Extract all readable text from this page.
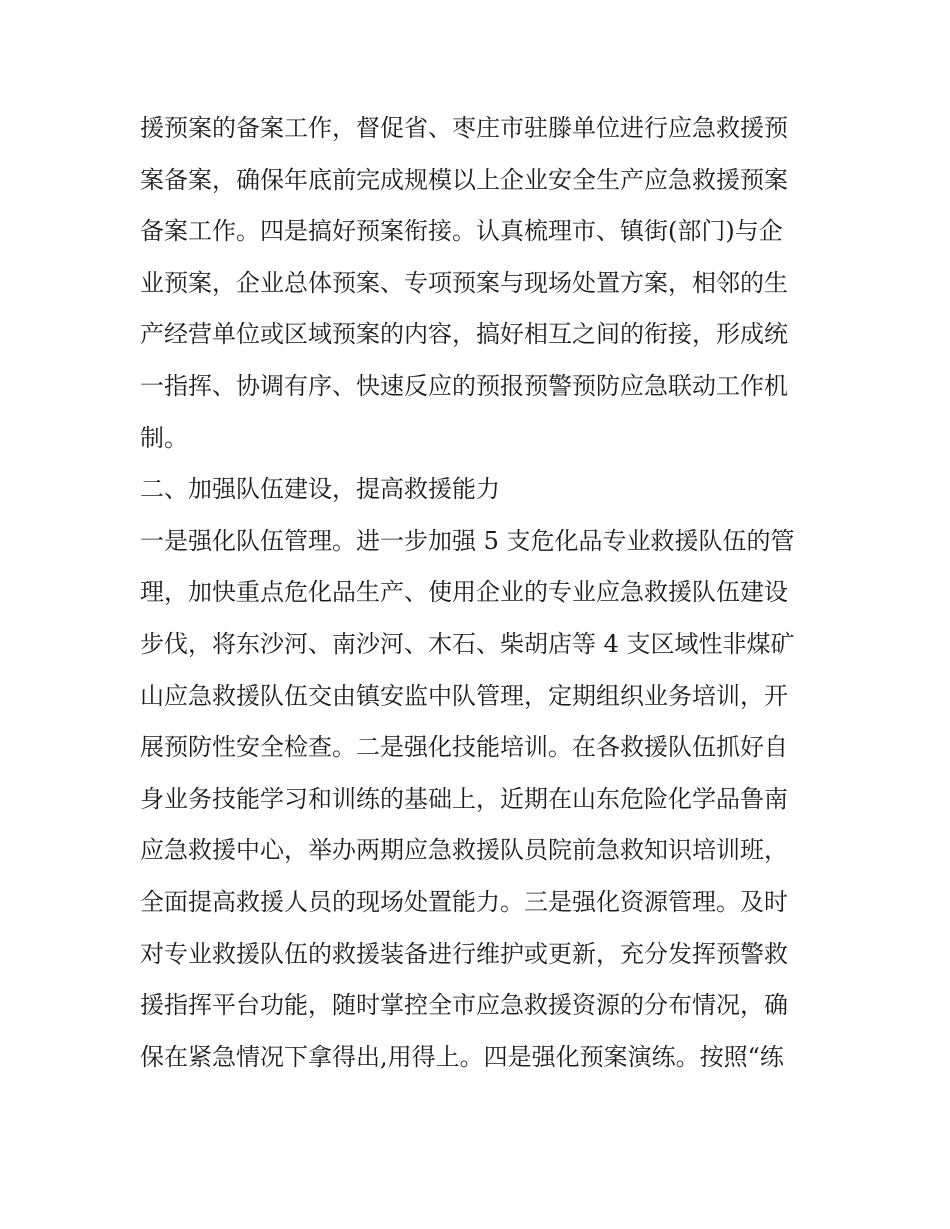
援预案的备案工作，督促省、枣庄市驻滕单位进行应急救援预
案备案，确保年底前完成规模以上企业安全生产应急救援预案
备案工作。四是搞好预案衔接。认真梳理市、镇街(部门)与企
业预案，企业总体预案、专项预案与现场处置方案，相邻的生
产经营单位或区域预案的内容，搞好相互之间的衔接，形成统
一指挥、协调有序、快速反应的预报预警预防应急联动工作机
制。
二、加强队伍建设，提高救援能力
一是强化队伍管理。进一步加强 5 支危化品专业救援队伍的管
理，加快重点危化品生产、使用企业的专业应急救援队伍建设
步伐，将东沙河、南沙河、木石、柴胡店等 4 支区域性非煤矿
山应急救援队伍交由镇安监中队管理，定期组织业务培训，开
展预防性安全检查。二是强化技能培训。在各救援队伍抓好自
身业务技能学习和训练的基础上，近期在山东危险化学品鲁南
应急救援中心，举办两期应急救援队员院前急救知识培训班，
全面提高救援人员的现场处置能力。三是强化资源管理。及时
对专业救援队伍的救援装备进行维护或更新，充分发挥预警救
援指挥平台功能，随时掌控全市应急救援资源的分布情况，确
保在紧急情况下拿得出,用得上。四是强化预案演练。按照“练
